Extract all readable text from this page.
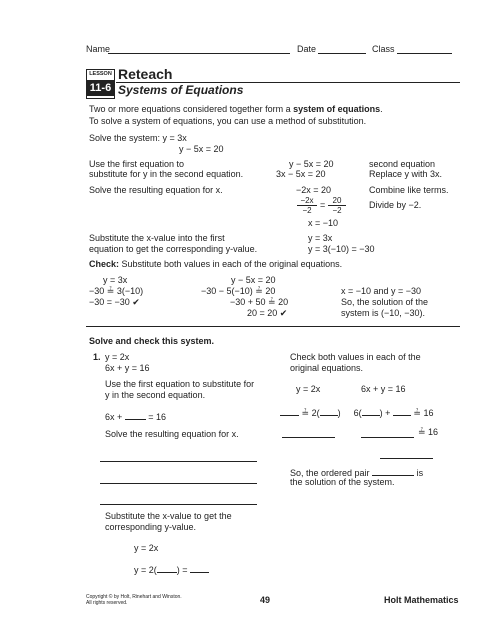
Name	Date	Class
LESSON
11-6
Reteach
Systems of Equations
Two or more equations considered together form a system of equations.
To solve a system of equations, you can use a method of substitution.
Solve the system: y = 3x
y − 5x = 20
Use the first equation to
substitute for y in the second equation.
y − 5x = 20
3x − 5x = 20
second equation
Replace y with 3x.
Solve the resulting equation for x.	−2x = 20
−2x
−2
= 20
−2
x = −10
Combine like terms.
Divide by −2.
Substitute the x-value into the first
equation to get the corresponding y-value.
y = 3x
y = 3(−10) = −30
Check: Substitute both values in each of the original equations.
y = 3x
−30 ≟ 3(−10)
−30 = −30 ✔
y − 5x = 20
−30 − 5(−10) ≟ 20
−30 + 50 ≟ 20
20 = 20 ✔
x = −10 and y = −30
So, the solution of the
system is (−10, −30).
Solve and check this system.
1. y = 2x
6x + y = 16
Use the first equation to substitute for
y in the second equation.
6x +  = 16
Solve the resulting equation for x.
Substitute the x-value to get the
corresponding y-value.
y = 2x
y = 2( ) =
Check both values in each of the
original equations.
y = 2x	6x + y = 16
≟ 2( ) 6( ) +  ≟ 16
≟ 16
So, the ordered pair	is
the solution of the system.
Copyright © by Holt, Rinehart and Winston.
All rights reserved.	49	Holt Mathematics
